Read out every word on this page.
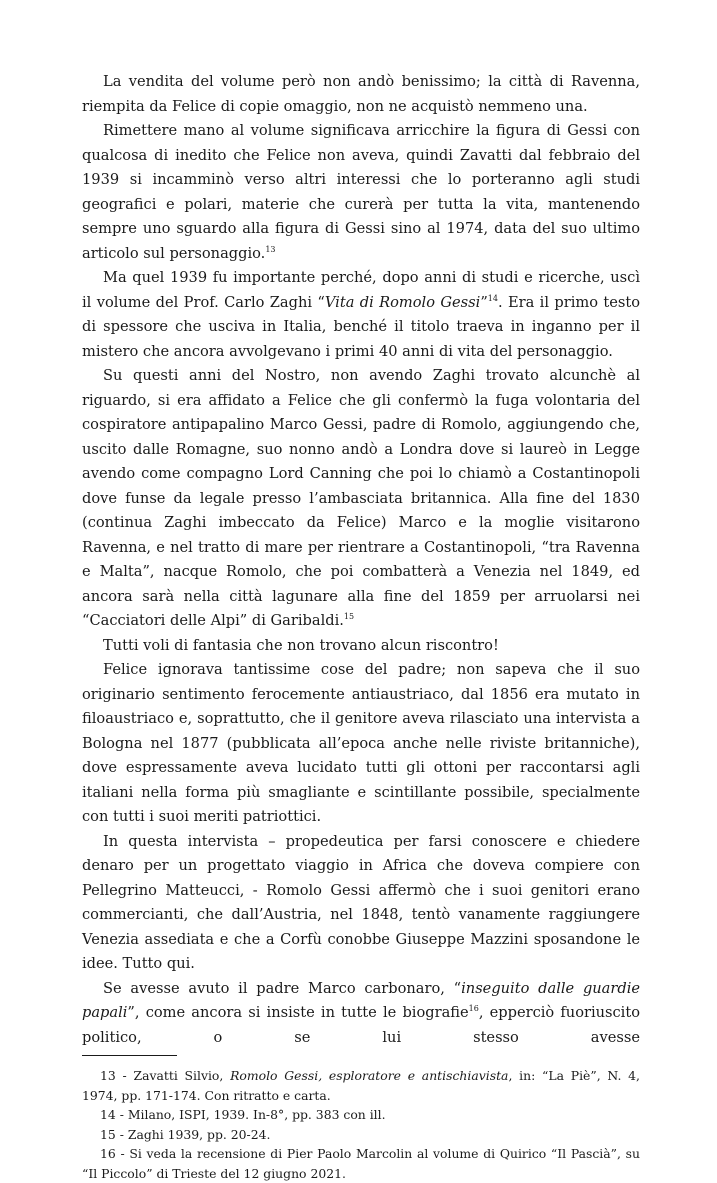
La vendita del volume però non andò benissimo; la città di Ravenna, riempita da Felice di copie omaggio, non ne acquistò nemmeno una.

Rimettere mano al volume significava arricchire la figura di Gessi con qualcosa di inedito che Felice non aveva, quindi Zavatti dal febbraio del 1939 si incamminò verso altri interessi che lo porteranno agli studi geografici e polari, materie che curerà per tutta la vita, mantenendo sempre uno sguardo alla figura di Gessi sino al 1974, data del suo ultimo articolo sul personaggio.$^{13}$

Ma quel 1939 fu importante perché, dopo anni di studi e ricerche, uscì il volume del Prof. Carlo Zaghi “Vita di Romolo Gessi”$^{14}$. Era il primo testo di spessore che usciva in Italia, benché il titolo traeva in inganno per il mistero che ancora avvolgevano i primi 40 anni di vita del personaggio.

Su questi anni del Nostro, non avendo Zaghi trovato alcunchè al riguardo, si era affidato a Felice che gli confermò la fuga volontaria del cospiratore antipapalino Marco Gessi, padre di Romolo, aggiungendo che, uscito dalle Romagne, suo nonno andò a Londra dove si laureò in Legge avendo come compagno Lord Canning che poi lo chiamò a Costantinopoli dove funse da legale presso l’ambasciata britannica. Alla fine del 1830 (continua Zaghi imbeccato da Felice) Marco e la moglie visitarono Ravenna, e nel tratto di mare per rientrare a Costantinopoli, “tra Ravenna e Malta”, nacque Romolo, che poi combatterà a Venezia nel 1849, ed ancora sarà nella città lagunare alla fine del 1859 per arruolarsi nei “Cacciatori delle Alpi” di Garibaldi.$^{15}$

Tutti voli di fantasia che non trovano alcun riscontro!

Felice ignorava tantissime cose del padre; non sapeva che il suo originario sentimento ferocemente antiaustriaco, dal 1856 era mutato in filoaustriaco e, soprattutto, che il genitore aveva rilasciato una intervista a Bologna nel 1877 (pubblicata all’epoca anche nelle riviste britanniche), dove espressamente aveva lucidato tutti gli ottoni per raccontarsi agli italiani nella forma più smagliante e scintillante possibile, specialmente con tutti i suoi meriti patriottici.

In questa intervista – propedeutica per farsi conoscere e chiedere denaro per un progettato viaggio in Africa che doveva compiere con Pellegrino Matteucci, - Romolo Gessi affermò che i suoi genitori erano commercianti, che dall’Austria, nel 1848, tentò vanamente raggiungere Venezia assediata e che a Corfù conobbe Giuseppe Mazzini sposandone le idee. Tutto qui.

Se avesse avuto il padre Marco carbonaro, “inseguito dalle guardie papali”, come ancora si insiste in tutte le biografie$^{16}$, epperciò fuoriuscito politico, o se lui stesso avesse

13 - Zavatti Silvio, Romolo Gessi, esploratore e antischiavista, in: “La Piè”, N. 4, 1974, pp. 171-174. Con ritratto e carta.

14 - Milano, ISPI, 1939. In-8°, pp. 383 con ill.

15 - Zaghi 1939, pp. 20-24.

16 - Si veda la recensione di Pier Paolo Marcolin al volume di Quirico “Il Pascià”, su “Il Piccolo” di Trieste del 12 giugno 2021.
